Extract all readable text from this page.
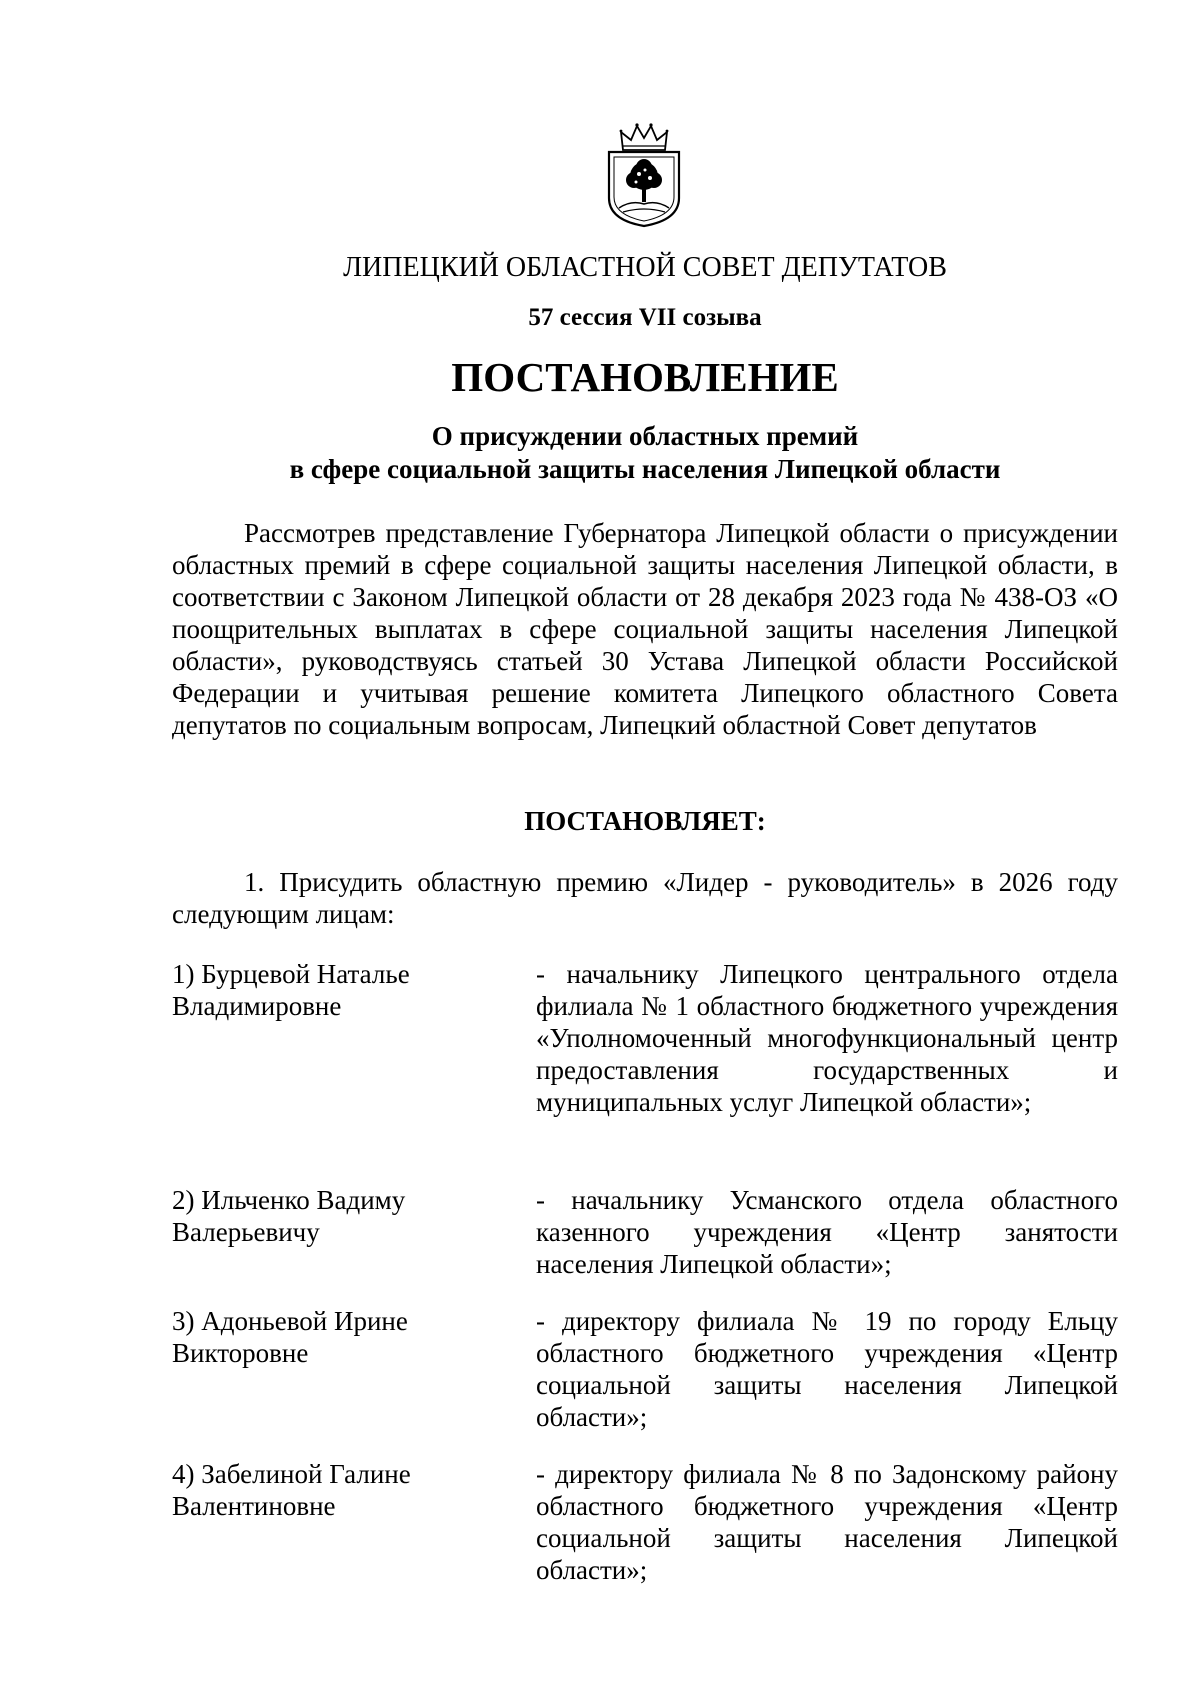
ЛИПЕЦКИЙ ОБЛАСТНОЙ СОВЕТ ДЕПУТАТОВ
57 сессия VII созыва
ПОСТАНОВЛЕНИЕ
О присуждении областных премий
в сфере социальной защиты населения Липецкой области

Рассмотрев представление Губернатора Липецкой области о присуждении областных премий в сфере социальной защиты населения Липецкой области, в соответствии с Законом Липецкой области от 28 декабря 2023 года № 438-ОЗ «О поощрительных выплатах в сфере социальной защиты населения Липецкой области», руководствуясь статьей 30 Устава Липецкой области Российской Федерации и учитывая решение комитета Липецкого областного Совета депутатов по социальным вопросам, Липецкий областной Совет депутатов

ПОСТАНОВЛЯЕТ:

1. Присудить областную премию «Лидер - руководитель» в 2026 году следующим лицам:

1) Бурцевой Наталье Владимировне
- начальнику Липецкого центрального отдела филиала № 1 областного бюджетного учреждения «Уполномоченный многофункциональный центр предоставления государственных и муниципальных услуг Липецкой области»;
2) Ильченко Вадиму Валерьевичу
- начальнику Усманского отдела областного казенного учреждения «Центр занятости населения Липецкой области»;
3) Адоньевой Ирине Викторовне
- директору филиала № 19 по городу Ельцу областного бюджетного учреждения «Центр социальной защиты населения Липецкой области»;
4) Забелиной Галине Валентиновне
- директору филиала № 8 по Задонскому району областного бюджетного учреждения «Центр социальной защиты населения Липецкой области»;
